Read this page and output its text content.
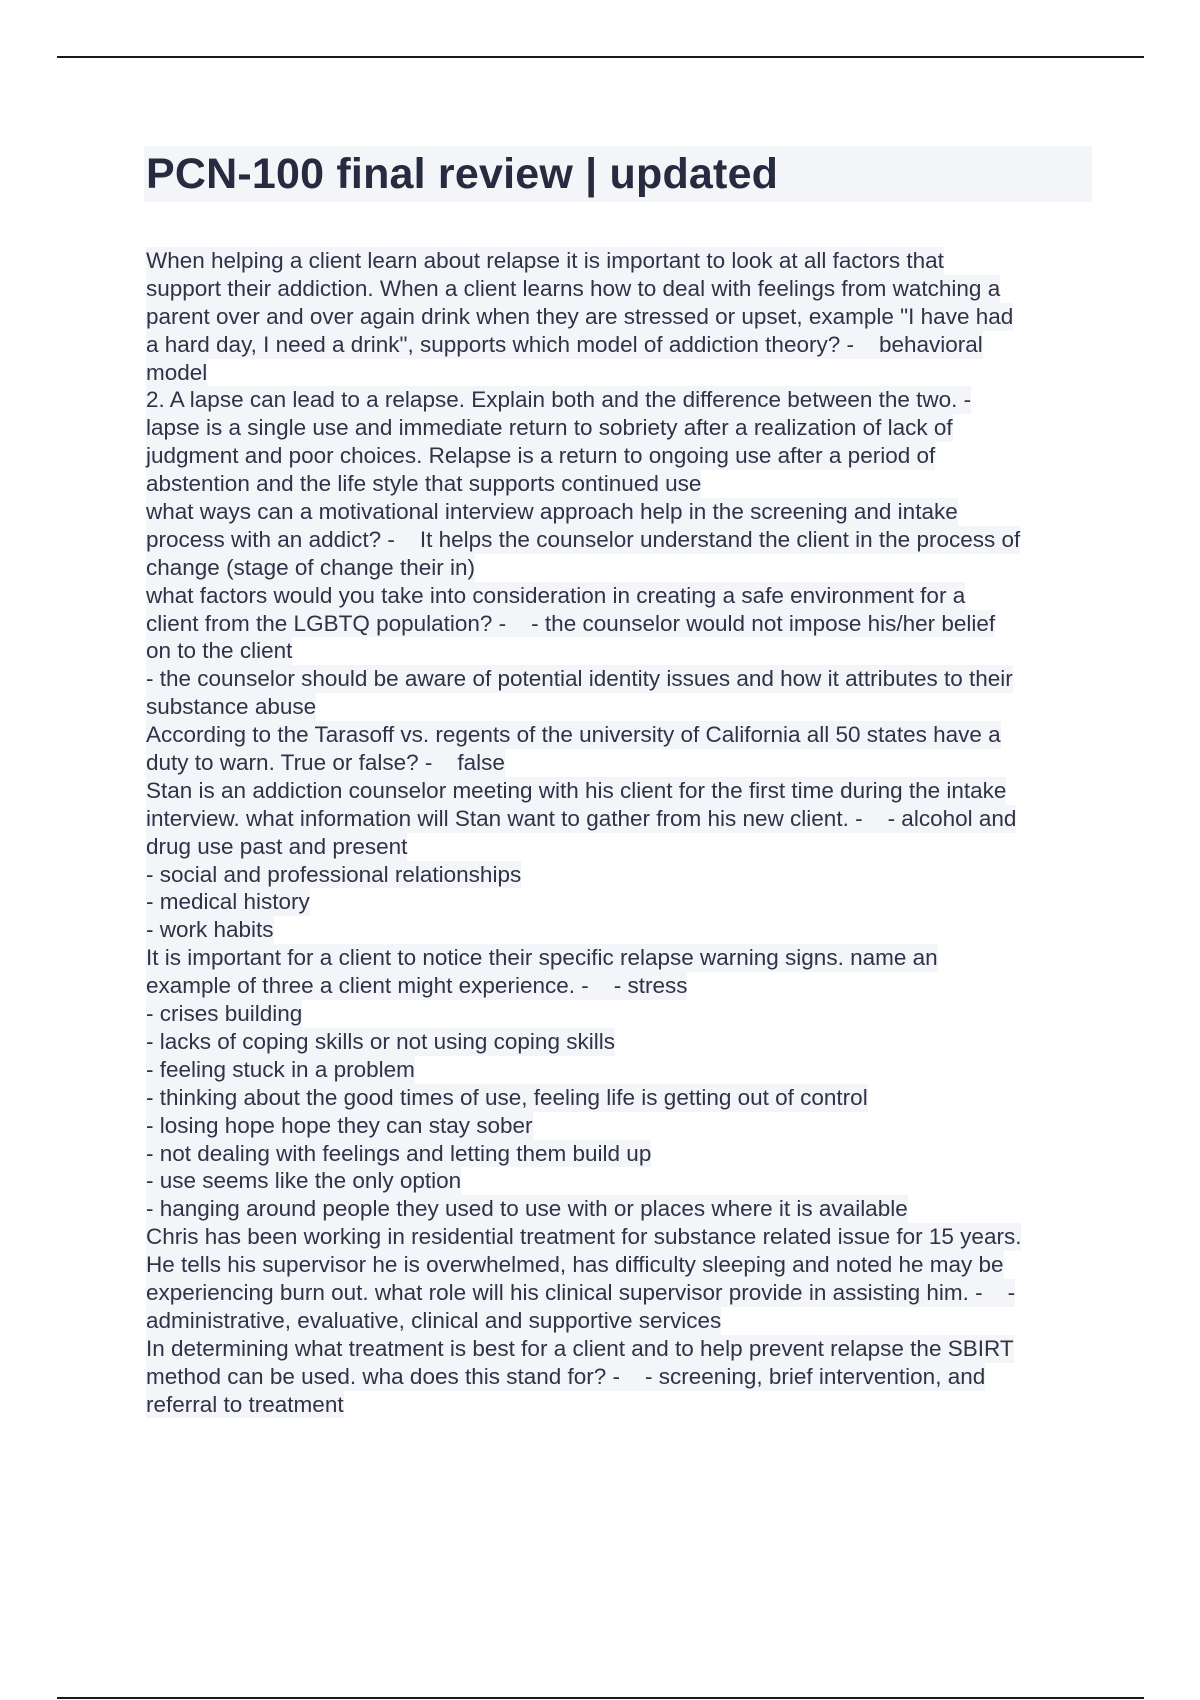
PCN-100 final review | updated
When helping a client learn about relapse it is important to look at all factors that
support their addiction. When a client learns how to deal with feelings from watching a
parent over and over again drink when they are stressed or upset, example "I have had
a hard day, I need a drink", supports which model of addiction theory? -    behavioral
model
2. A lapse can lead to a relapse. Explain both and the difference between the two. -
lapse is a single use and immediate return to sobriety after a realization of lack of
judgment and poor choices. Relapse is a return to ongoing use after a period of
abstention and the life style that supports continued use
what ways can a motivational interview approach help in the screening and intake
process with an addict? -    It helps the counselor understand the client in the process of
change (stage of change their in)
what factors would you take into consideration in creating a safe environment for a
client from the LGBTQ population? -    - the counselor would not impose his/her belief
on to the client
- the counselor should be aware of potential identity issues and how it attributes to their
substance abuse
According to the Tarasoff vs. regents of the university of California all 50 states have a
duty to warn. True or false? -    false
Stan is an addiction counselor meeting with his client for the first time during the intake
interview. what information will Stan want to gather from his new client. -    - alcohol and
drug use past and present
- social and professional relationships
- medical history
- work habits
It is important for a client to notice their specific relapse warning signs. name an
example of three a client might experience. -    - stress
- crises building
- lacks of coping skills or not using coping skills
- feeling stuck in a problem
- thinking about the good times of use, feeling life is getting out of control
- losing hope hope they can stay sober
- not dealing with feelings and letting them build up
- use seems like the only option
- hanging around people they used to use with or places where it is available
Chris has been working in residential treatment for substance related issue for 15 years.
He tells his supervisor he is overwhelmed, has difficulty sleeping and noted he may be
experiencing burn out. what role will his clinical supervisor provide in assisting him. -    -
administrative, evaluative, clinical and supportive services
In determining what treatment is best for a client and to help prevent relapse the SBIRT
method can be used. wha does this stand for? -    - screening, brief intervention, and
referral to treatment
